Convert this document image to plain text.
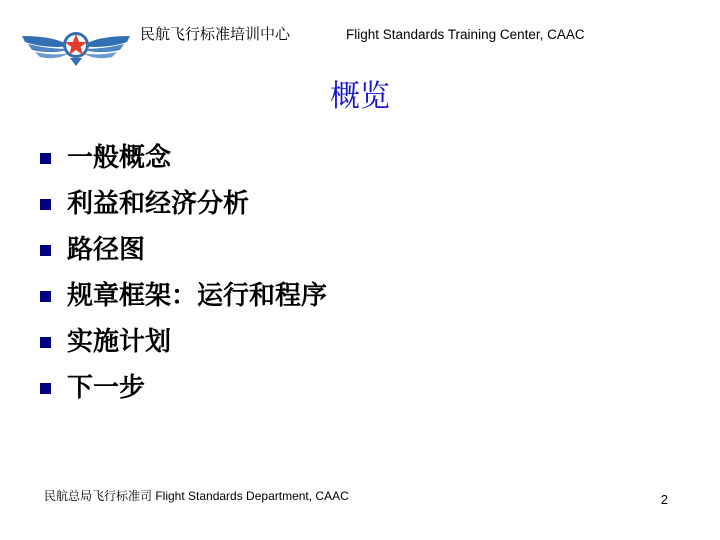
民航飞行标准培训中心	Flight Standards Training Center, CAAC
概览
一般概念
利益和经济分析
路径图
规章框架：运行和程序
实施计划
下一步
民航总局飞行标准司 Flight Standards Department, CAAC	2
